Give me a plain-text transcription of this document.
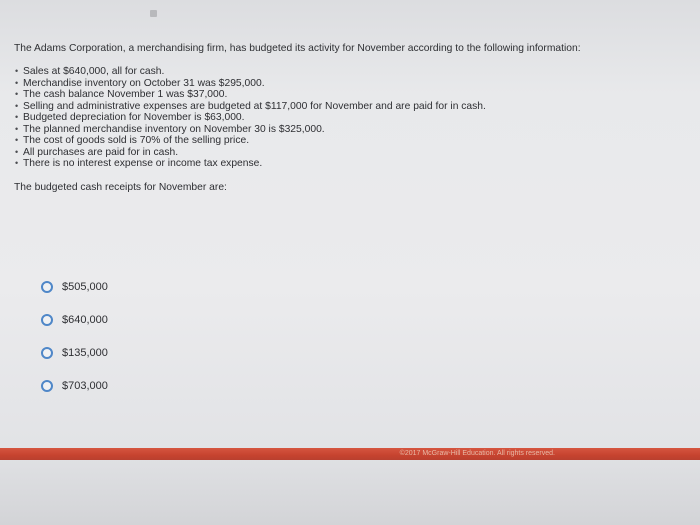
The Adams Corporation, a merchandising firm, has budgeted its activity for November according to the following information:

• Sales at $640,000, all for cash.
• Merchandise inventory on October 31 was $295,000.
• The cash balance November 1 was $37,000.
• Selling and administrative expenses are budgeted at $117,000 for November and are paid for in cash.
• Budgeted depreciation for November is $63,000.
• The planned merchandise inventory on November 30 is $325,000.
• The cost of goods sold is 70% of the selling price.
• All purchases are paid for in cash.
• There is no interest expense or income tax expense.

The budgeted cash receipts for November are:

$505,000
$640,000
$135,000
$703,000
©2017 McGraw-Hill Education. All rights reserved.
